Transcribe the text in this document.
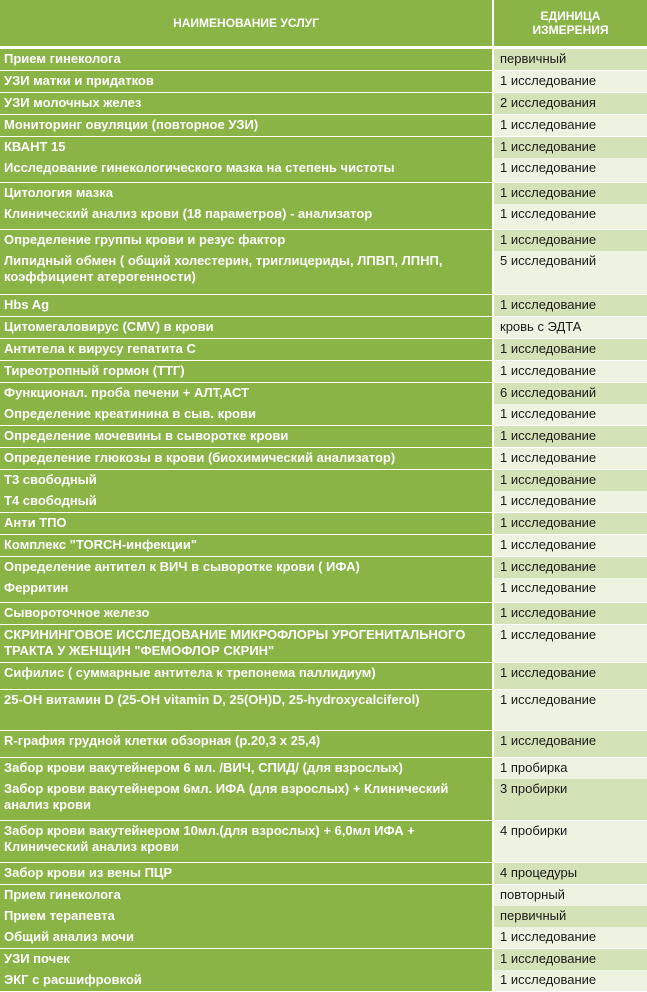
НАИМЕНОВАНИЕ УСЛУГ	ЕДИНИЦА
ИЗМЕРЕНИЯ
Прием гинеколога	первичный
УЗИ матки и придатков	1 исследование
УЗИ молочных желез	2 исследования
Мониторинг овуляции (повторное УЗИ)	1 исследование
КВАНТ 15	1 исследование
Исследование гинекологического мазка на степень чистоты	1 исследование
Цитология мазка	1 исследование
Клинический анализ крови (18 параметров) - анализатор	1 исследование
Определение группы крови и резус фактор	1 исследование
Липидный обмен ( общий холестерин, триглицериды, ЛПВП, ЛПНП, коэффициент атерогенности)	5 исследований
Hbs Ag	1 исследование
Цитомегаловирус (CMV) в крови	кровь с ЭДТА
Антитела к вирусу гепатита С	1 исследование
Тиреотропный гормон (ТТГ)	1 исследование
Функционал. проба печени + АЛТ,АСТ	6 исследований
Определение креатинина в сыв. крови	1 исследование
Определение мочевины в сыворотке крови	1 исследование
Определение глюкозы в крови (биохимический анализатор)	1 исследование
Т3 свободный	1 исследование
Т4 свободный	1 исследование
Анти ТПО	1 исследование
Комплекс "TORCH-инфекции"	1 исследование
Определение антител к ВИЧ в сыворотке крови ( ИФА)	1 исследование
Ферритин	1 исследование
Сывороточное железо	1 исследование
СКРИНИНГОВОЕ ИССЛЕДОВАНИЕ МИКРОФЛОРЫ УРОГЕНИТАЛЬНОГО ТРАКТА У ЖЕНЩИН "ФЕМОФЛОР СКРИН"	1 исследование
Сифилис ( суммарные антитела к трепонема паллидиум)	1 исследование
25-ОН витамин D (25-OH vitamin D, 25(OH)D, 25-hydroxycalciferol)	1 исследование
R-графия грудной клетки обзорная (р.20,3 х 25,4)	1 исследование
Забор крови вакутейнером 6 мл. /ВИЧ, СПИД/ (для взрослых)	1 пробирка
Забор крови вакутейнером 6мл. ИФА (для взрослых) + Клинический анализ крови	3 пробирки
Забор крови вакутейнером 10мл.(для взрослых) + 6,0мл ИФА + Клинический анализ крови	4 пробирки
Забор крови из вены ПЦР	4 процедуры
Прием гинеколога	повторный
Прием терапевта	первичный
Общий анализ мочи	1 исследование
УЗИ почек	1 исследование
ЭКГ с расшифровкой	1 исследование
